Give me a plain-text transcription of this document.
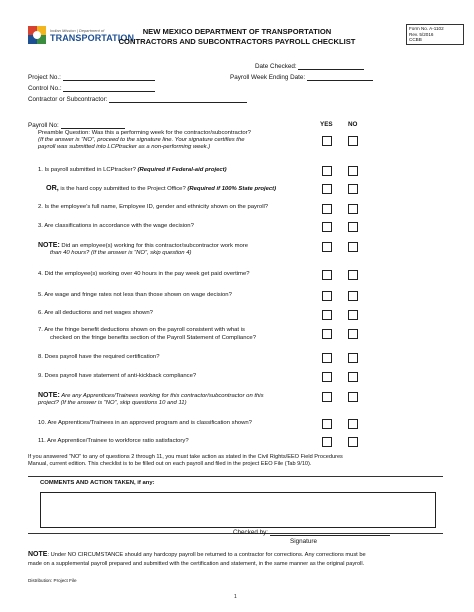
Indian Mission | Department of
TRANSPORTATION
NEW MEXICO DEPARTMENT OF TRANSPORTATION
CONTRACTORS AND SUBCONTRACTORS PAYROLL CHECKLIST
Form No. A-1102
Rev. 5/2016
CCBB
Date Checked:
Project No.:	Payroll Week Ending Date:
Control No.:
Contractor or Subcontractor:
Payroll No:	YES NO
Preamble Question: Was this a performing week for the contractor/subcontractor?
(If the answer is “NO”, proceed to the signature line. Your signature certifies the
payroll was submitted into LCPtracker as a non-performing week.)
1. Is payroll submitted in LCPtracker? (Required if Federal-aid project)
OR, is the hard copy submitted to the Project Office? (Required if 100% State project)
2. Is the employee’s full name, Employee ID, gender and ethnicity shown on the payroll?
3. Are classifications in accordance with the wage decision?
NOTE: Did an employee(s) working for this contractor/subcontractor work more
than 40 hours? (If the answer is “NO”, skip question 4)
4. Did the employee(s) working over 40 hours in the pay week get paid overtime?
5. Are wage and fringe rates not less than those shown on wage decision?
6. Are all deductions and net wages shown?
7. Are the fringe benefit deductions shown on the payroll consistent with what is
checked on the fringe benefits section of the Payroll Statement of Compliance?
8. Does payroll have the required certification?
9. Does payroll have statement of anti-kickback compliance?
NOTE: Are any Apprentices/Trainees working for this contractor/subcontractor on this
project? (If the answer is “NO”, skip questions 10 and 11)
10. Are Apprentices/Trainees in an approved program and is classification shown?
11. Are Apprentice/Trainee to workforce ratio satisfactory?
If you answered “NO” to any of questions 2 through 11, you must take action as stated in the Civil Rights/EEO Field Procedures
Manual, current edition. This checklist is to be filled out on each payroll and filed in the project EEO File (Tab 9/10).
COMMENTS AND ACTION TAKEN, if any:
Checked by:
Signature
NOTE: Under NO CIRCUMSTANCE should any hardcopy payroll be returned to a contractor for corrections. Any corrections must be
made on a supplemental payroll prepared and submitted with the certification and statement, in the same manner as the original payroll.
Distribution: Project File
1
